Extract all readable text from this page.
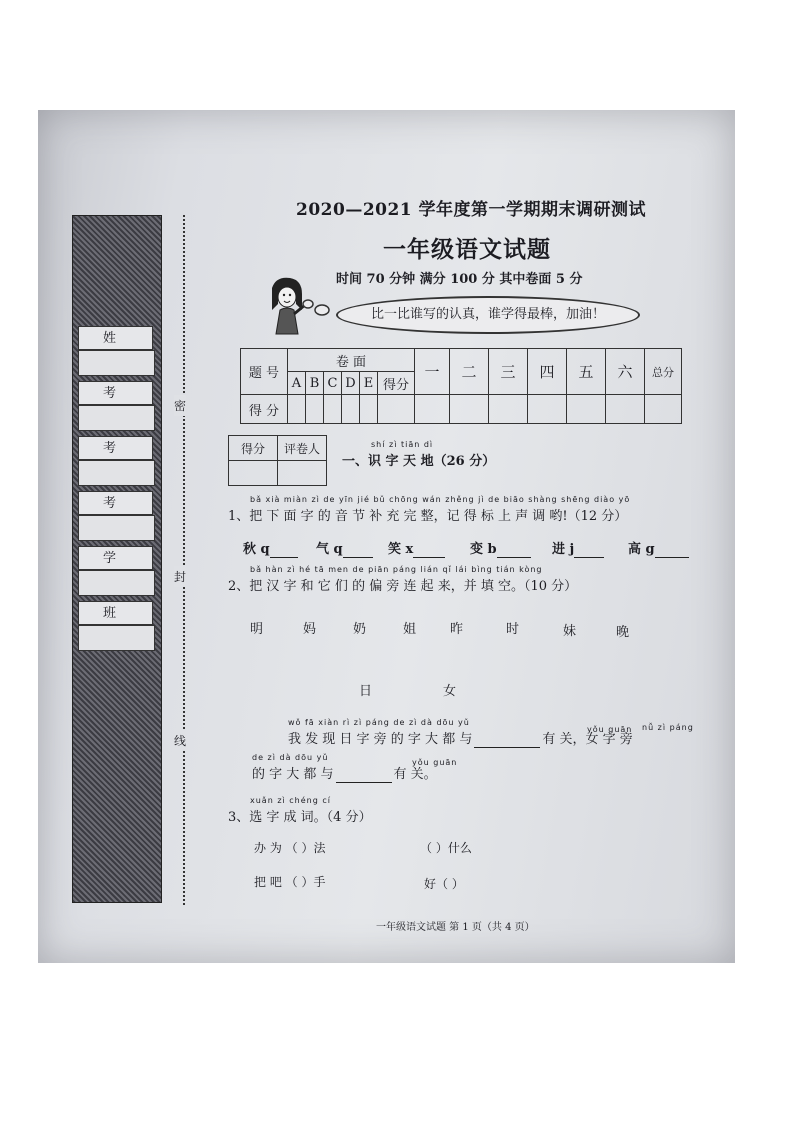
姓
考
考
考
学
班
密
封
线
2020—2021 学年度第一学期期末调研测试
一年级语文试题
时间 70 分钟 满分 100 分 其中卷面 5 分
比一比谁写的认真，谁学得最棒，加油！
题 号	卷 面						一	二	三	四	五	六	总分
	A	B	C	D	E	得分							
得 分													
得分	评卷人
		shí zì tiān dì
一、识 字 天 地（26 分）
bǎ xià miàn zì de yīn jié bǔ chōng wán zhěng jì de biāo shàng shēng diào yō
1、把 下 面 字 的 音 节 补 充 完 整，记 得 标 上 声 调 哟!（12 分）
秋 q	气 q	笑 x	变 b	进 j	高 g
bǎ hàn zì hé tā men de piān páng lián qǐ lái bìng tián kòng
2、把 汉 字 和 它 们 的 偏 旁 连 起 来，并 填 空。（10 分）
明	妈	奶	姐	昨	时	妹	晚
日	女
wǒ fā xiàn rì zì páng de zì dà dōu yǔ
yǒu guān nǚ zì páng
我 发 现 日 字 旁 的 字 大 都 与	有 关，女 字 旁
de zì dà dōu yǔ
yǒu guān
的 字 大 都 与	有 关。
xuǎn zì chéng cí
3、选 字 成 词。（4 分）
办 为 （ ）法	（ ）什么
把 吧 （ ）手	好（ ）
一年级语文试题 第 1 页（共 4 页）
